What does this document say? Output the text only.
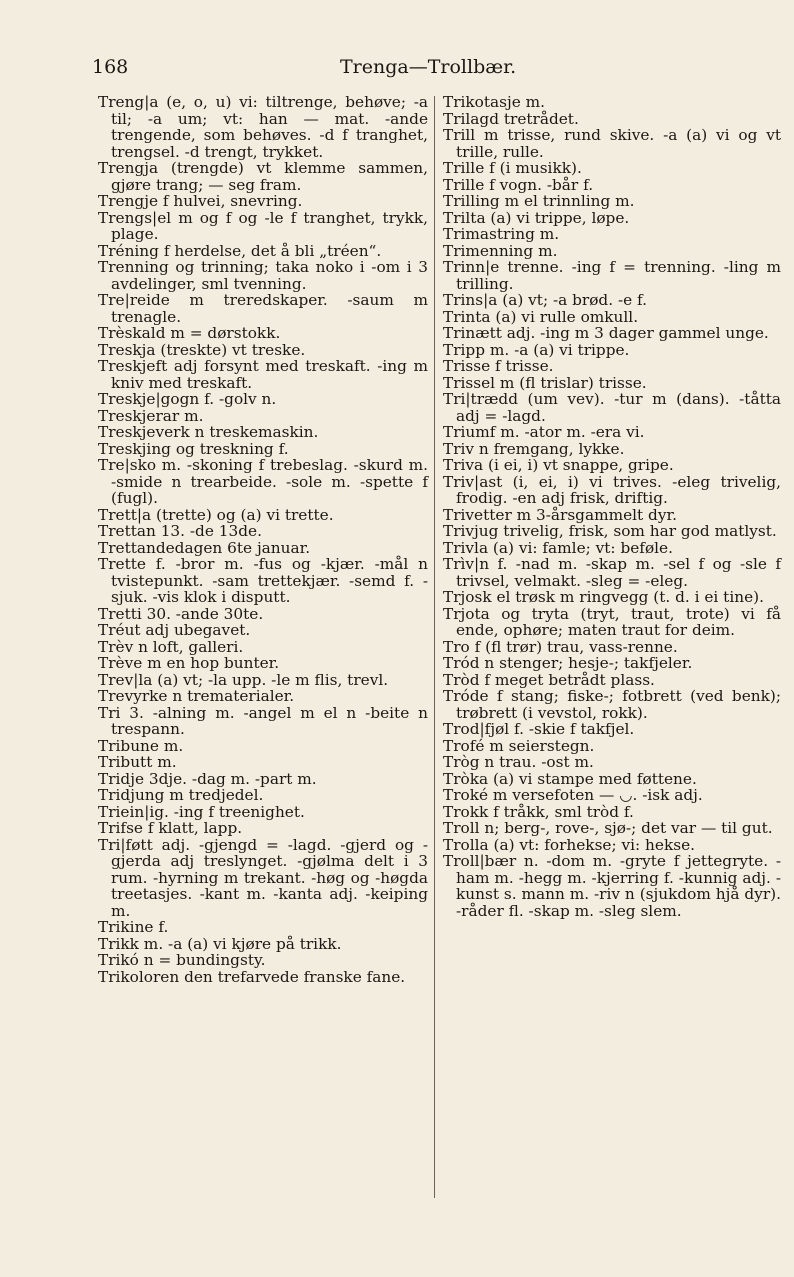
168	Trenga—Trollbær.

Treng|a (e, o, u) vi: tiltrenge, behøve; -a til; -a um; vt: han — mat. -ande trengende, som behøves. -d f tranghet, trengsel. -d trengt, trykket.

Trengja (trengde) vt klemme sammen, gjøre trang; — seg fram.

Trengje f hulvei, snevring.

Trengs|el m og f og -le f tranghet, trykk, plage.

Tréning f herdelse, det å bli „tréen“.

Trenning og trinning; taka noko i -om i 3 avdelinger, sml tvenning.

Tre|reide m treredskaper. -saum m trenagle.

Trèskald m = dørstokk.

Treskja (treskte) vt treske.

Treskjeft adj forsynt med treskaft. -ing m kniv med treskaft.

Treskje|gogn f. -golv n.

Treskjerar m.

Treskjeverk n treskemaskin.

Treskjing og treskning f.

Tre|sko m. -skoning f trebeslag. -skurd m. -smide n trearbeide. -sole m. -spette f (fugl).

Trett|a (trette) og (a) vi trette.

Trettan 13. -de 13de.

Trettandedagen 6te januar.

Trette f. -bror m. -fus og -kjær. -mål n tvistepunkt. -sam trettekjær. -semd f. -sjuk. -vis klok i disputt.

Tretti 30. -ande 30te.

Tréut adj ubegavet.

Trèv n loft, galleri.

Trève m en hop bunter.

Trev|la (a) vt; -la upp. -le m flis, trevl.

Trevyrke n trematerialer.

Tri 3. -alning m. -angel m el n -beite n trespann.

Tribune m.

Tributt m.

Tridje 3dje. -dag m. -part m.

Tridjung m tredjedel.

Triein|ig. -ing f treenighet.

Trifse f klatt, lapp.

Tri|føtt adj. -gjengd = -lagd. -gjerd og -gjerda adj treslynget. -gjølma delt i 3 rum. -hyrning m trekant. -høg og -høgda treetasjes. -kant m. -kanta adj. -keiping m.

Trikine f.

Trikk m. -a (a) vi kjøre på trikk.

Trikó n = bundingsty.

Trikoloren den trefarvede franske fane.

Trikotasje m.

Trilagd tretrådet.

Trill m trisse, rund skive. -a (a) vi og vt trille, rulle.

Trille f (i musikk).

Trille f vogn. -bår f.

Trilling m el trinnling m.

Trilta (a) vi trippe, løpe.

Trimastring m.

Trimenning m.

Trinn|e trenne. -ing f = trenning. -ling m trilling.

Trins|a (a) vt; -a brød. -e f.

Trinta (a) vi rulle omkull.

Trinætt adj. -ing m 3 dager gammel unge.

Tripp m. -a (a) vi trippe.

Trisse f trisse.

Trissel m (fl trislar) trisse.

Tri|trædd (um vev). -tur m (dans). -tåtta adj = -lagd.

Triumf m. -ator m. -era vi.

Triv n fremgang, lykke.

Triva (i ei, i) vt snappe, gripe.

Triv|ast (i, ei, i) vi trives. -eleg trivelig, frodig. -en adj frisk, driftig.

Trivetter m 3-årsgammelt dyr.

Trivjug trivelig, frisk, som har god matlyst.

Trivla (a) vi: famle; vt: beføle.

Trìv|n f. -nad m. -skap m. -sel f og -sle f trivsel, velmakt. -sleg = -eleg.

Trjosk el trøsk m ringvegg (t. d. i ei tine).

Trjota og tryta (tryt, traut, trote) vi få ende, ophøre; maten traut for deim.

Tro f (fl trør) trau, vass-renne.

Trόd n stenger; hesje-; takfjeler.

Trὸd f meget betrådt plass.

Tróde f stang; fiske-; fotbrett (ved benk); trøbrett (i vevstol, rokk).

Trod|fjøl f. -skie f takfjel.

Trofé m seierstegn.

Trὸg n trau. -ost m.

Trὸka (a) vi stampe med føttene.

Troké m versefoten — ◡. -isk adj.

Trokk f tråkk, sml trὸd f.

Troll n; berg-, rove-, sjø-; det var — til gut.

Trolla (a) vt: forhekse; vi: hekse.

Troll|bær n. -dom m. -gryte f jettegryte. -ham m. -hegg m. -kjerring f. -kunnig adj. -kunst s. mann m. -riv n (sjukdom hjå dyr). -råder fl. -skap m. -sleg slem.
